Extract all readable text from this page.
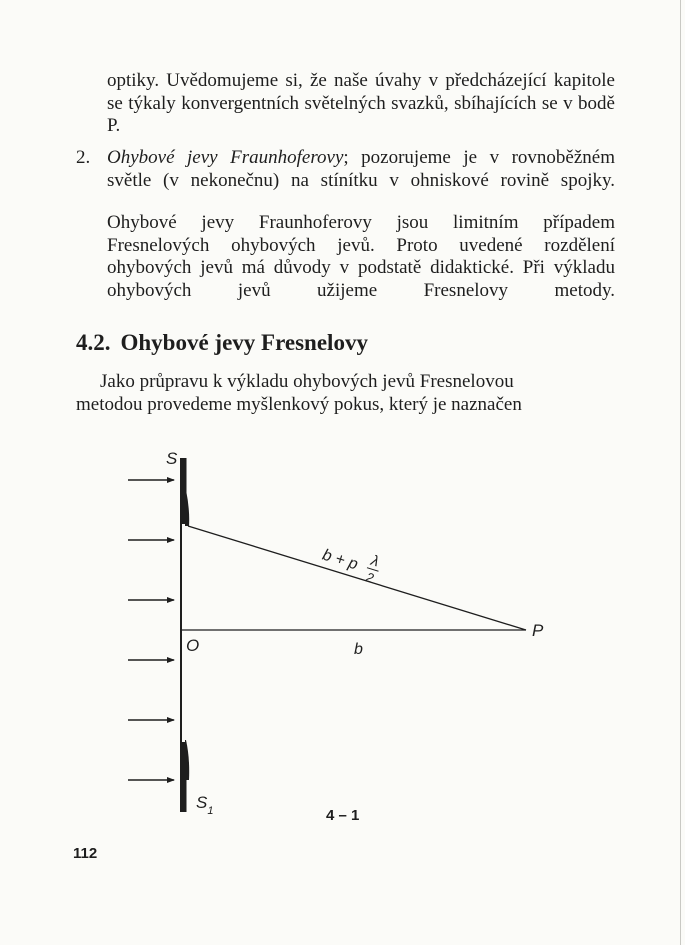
optiky. Uvědomujeme si, že naše úvahy v předcházející kapitole se týkaly konvergentních světelných svazků, sbíhajících se v bodě P.

2. Ohybové jevy Fraunhoferovy; pozorujeme je v rovnoběžném světle (v nekonečnu) na stínítku v ohniskové rovině spojky.

Ohybové jevy Fraunhoferovy jsou limitním případem Fresnelových ohybových jevů. Proto uvedené rozdělení ohybových jevů má důvody v podstatě didaktické. Při výkladu ohybových jevů užijeme Fresnelovy metody.

4.2. Ohybové jevy Fresnelovy

Jako průpravu k výkladu ohybových jevů Fresnelovou
metodou provedeme myšlenkový pokus, který je naznačen

S
$S_1$
O
P
b
b + p λ
2
4 – 1

112
